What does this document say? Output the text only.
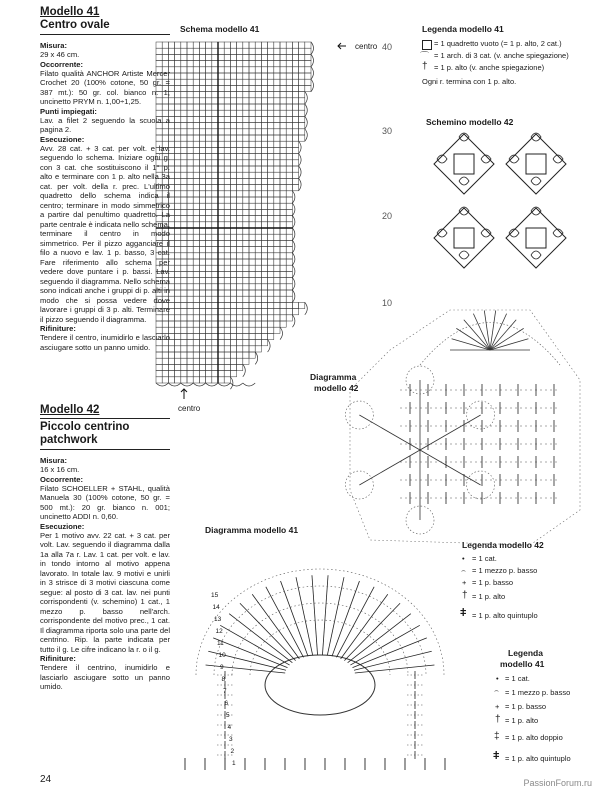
Modello 41

Centro ovale

Misura:

29 x 46 cm.

Occorrente:

Filato qualità ANCHOR Artiste Mercer Crochet 20 (100% cotone, 50 gr. = 387 mt.): 50 gr. col. bianco n. 1; uncinetto PRYM n. 1,00÷1,25.

Punti impiegati:

Lav. a filet 2 seguendo la scuola a pagina 2.

Esecuzione:

Avv. 28 cat. + 3 cat. per volt. e lav. seguendo lo schema. Iniziare ogni g. con 3 cat. che sostituiscono il 1° p. alto e terminare con 1 p. alto nella 3a cat. per volt. della r. prec. L'ultimo quadretto dello schema indica il centro; terminare in modo simmetrico a partire dal penultimo quadretto. La parte centrale è indicata nello schema, terminare il centro in modo simmetrico. Per il pizzo agganciare il filo a nuovo e lav. 1 p. basso, 3 cat. Fare riferimento allo schema per vedere dove puntare i p. bassi. Lav. seguendo il diagramma. Nello schema sono indicati anche i gruppi di p. alti in modo che si possa vedere dove lavorare i gruppi di 3 p. alti. Terminare il pizzo seguendo il diagramma.

Rifiniture:

Tendere il centro, inumidirlo e lasciarlo asciugare sotto un panno umido.

Modello 42

Piccolo centrino

patchwork

Misura:

16 x 16 cm.

Occorrente:

Filato SCHOELLER + STAHL, qualità Manuela 30 (100% cotone, 50 gr. = 500 mt.): 20 gr. bianco n. 001; uncinetto ADDI n. 0,60.

Esecuzione:

Per 1 motivo avv. 22 cat. + 3 cat. per volt. Lav. seguendo il diagramma dalla 1a alla 7a r. Lav. 1 cat. per volt. e lav. in tondo intorno al motivo appena lavorato. In totale lav. 9 motivi e unirli in 3 strisce di 3 motivi ciascuna come segue: al posto di 3 cat. lav. nei punti corrispondenti (v. schemino) 1 cat., 1 mezzo p. basso nell'arch. corrispondente del motivo prec., 1 cat. Il diagramma riporta solo una parte del centrino. Rip. la parte indicata per tutto il g. Le cifre indicano la r. o il g.

Rifiniture:

Tendere il centrino, inumidirlo e lasciarlo asciugare sotto un panno umido.

Schema modello 41
centro
centro
40
30
20
10
Legenda modello 41
= 1 quadretto vuoto (= 1 p. alto, 2 cat.)
⌒ = 1 arch. di 3 cat. (v. anche spiegazione)
† = 1 p. alto (v. anche spiegazione)
Ogni r. termina con 1 p. alto.
Schemino modello 42
Diagramma
modello 42
Legenda modello 42
• = 1 cat.
⌢ = 1 mezzo p. basso
+ = 1 p. basso
† = 1 p. alto
ǂ = 1 p. alto quintuplo
Diagramma modello 41
1
2
3
4
5
6
7
8
9
10
11
12
13
14
15
Legenda
modello 41
• = 1 cat.
⌢ = 1 mezzo p. basso
+ = 1 p. basso
† = 1 p. alto
‡ = 1 p. alto doppio
ǂ = 1 p. alto quintuplo
24	PassionForum.ru
